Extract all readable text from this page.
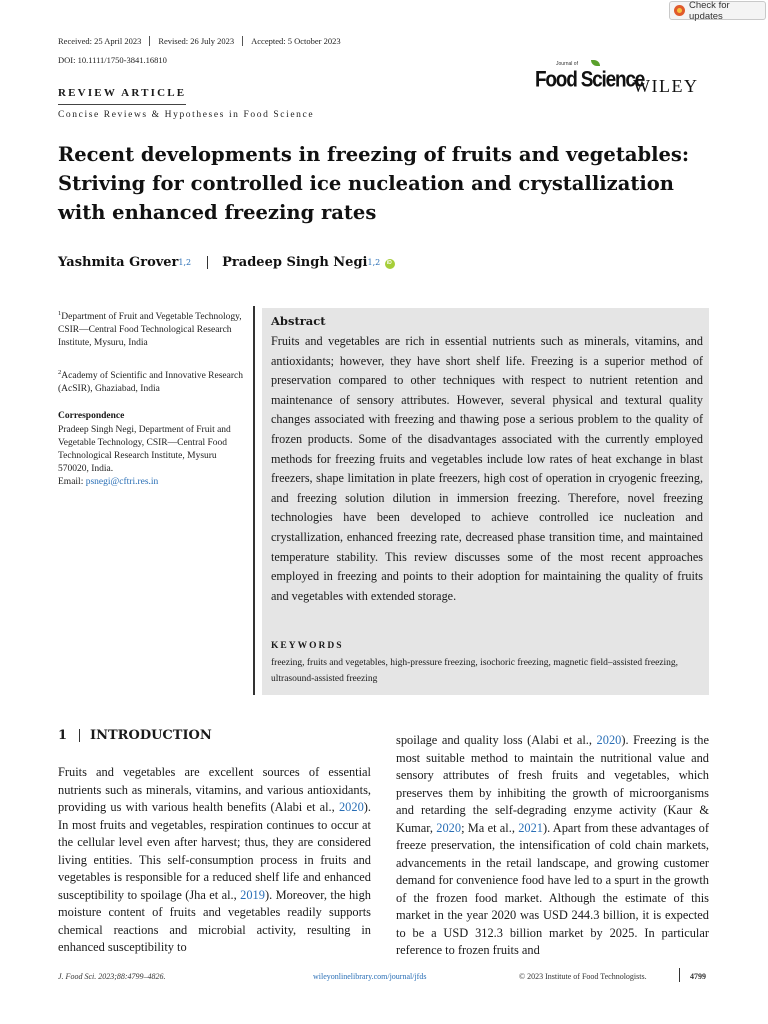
Check for updates
Received: 25 April 2023	Revised: 26 July 2023	Accepted: 5 October 2023
DOI: 10.1111/1750-3841.16810	Journal of
Food Science
WILEY
REVIEW ARTICLE
Concise Reviews & Hypotheses in Food Science
Recent developments in freezing of fruits and vegetables: Striving for controlled ice nucleation and crystallization with enhanced freezing rates
Yashmita Grover 1,2 Pradeep Singh Negi 1,2
iD
$^1$Department of Fruit and Vegetable Technology, CSIR—Central Food Technological Research Institute, Mysuru, India
$^2$Academy of Scientific and Innovative Research (AcSIR), Ghaziabad, India
Correspondence
Pradeep Singh Negi, Department of Fruit and Vegetable Technology, CSIR—Central Food Technological Research Institute, Mysuru 570020, India.
Email: psnegi@cftri.res.in
Abstract

Fruits and vegetables are rich in essential nutrients such as minerals, vitamins, and antioxidants; however, they have short shelf life. Freezing is a superior method of preservation compared to other techniques with respect to nutrient retention and maintenance of sensory attributes. However, several physical and textural quality changes associated with freezing and thawing pose a serious problem to the quality of frozen products. Some of the disadvantages associated with the currently employed methods for freezing fruits and vegetables include low rates of heat exchange in blast freezers, shape limitation in plate freezers, high cost of operation in cryogenic freezing, and freezing solution dilution in immersion freezing. Therefore, novel freezing technologies have been developed to achieve controlled ice nucleation and crystallization, enhanced freezing rate, decreased phase transition time, and maintained temperature stability. This review discusses some of the most recent approaches employed in freezing and points to their adoption for maintaining the quality of fruits and vegetables with extended storage.

KEYWORDS

freezing, fruits and vegetables, high-pressure freezing, isochoric freezing, magnetic field–assisted freezing, ultrasound-assisted freezing

1 INTRODUCTION

Fruits and vegetables are excellent sources of essential nutrients such as minerals, vitamins, and various antioxidants, providing us with various health benefits (Alabi et al., 2020). In most fruits and vegetables, respiration continues to occur at the cellular level even after harvest; thus, they are considered living entities. This self-consumption process in fruits and vegetables is responsible for a reduced shelf life and enhanced susceptibility to spoilage (Jha et al., 2019). Moreover, the high moisture content of fruits and vegetables readily supports chemical reactions and microbial activity, resulting in enhanced susceptibility to

spoilage and quality loss (Alabi et al., 2020). Freezing is the most suitable method to maintain the nutritional value and sensory attributes of fresh fruits and vegetables, which preserves them by inhibiting the growth of microorganisms and retarding the self-degrading enzyme activity (Kaur & Kumar, 2020; Ma et al., 2021). Apart from these advantages of freeze preservation, the intensification of cold chain markets, advancements in the retail landscape, and growing customer demand for convenience food have led to a spurt in the growth of the frozen food market. Although the estimate of this market in the year 2020 was USD 244.3 billion, it is expected to be a USD 312.3 billion market by 2025. In particular reference to frozen fruits and

J. Food Sci. 2023;88:4799–4826.	wileyonlinelibrary.com/journal/jfds	© 2023 Institute of Food Technologists.	4799
